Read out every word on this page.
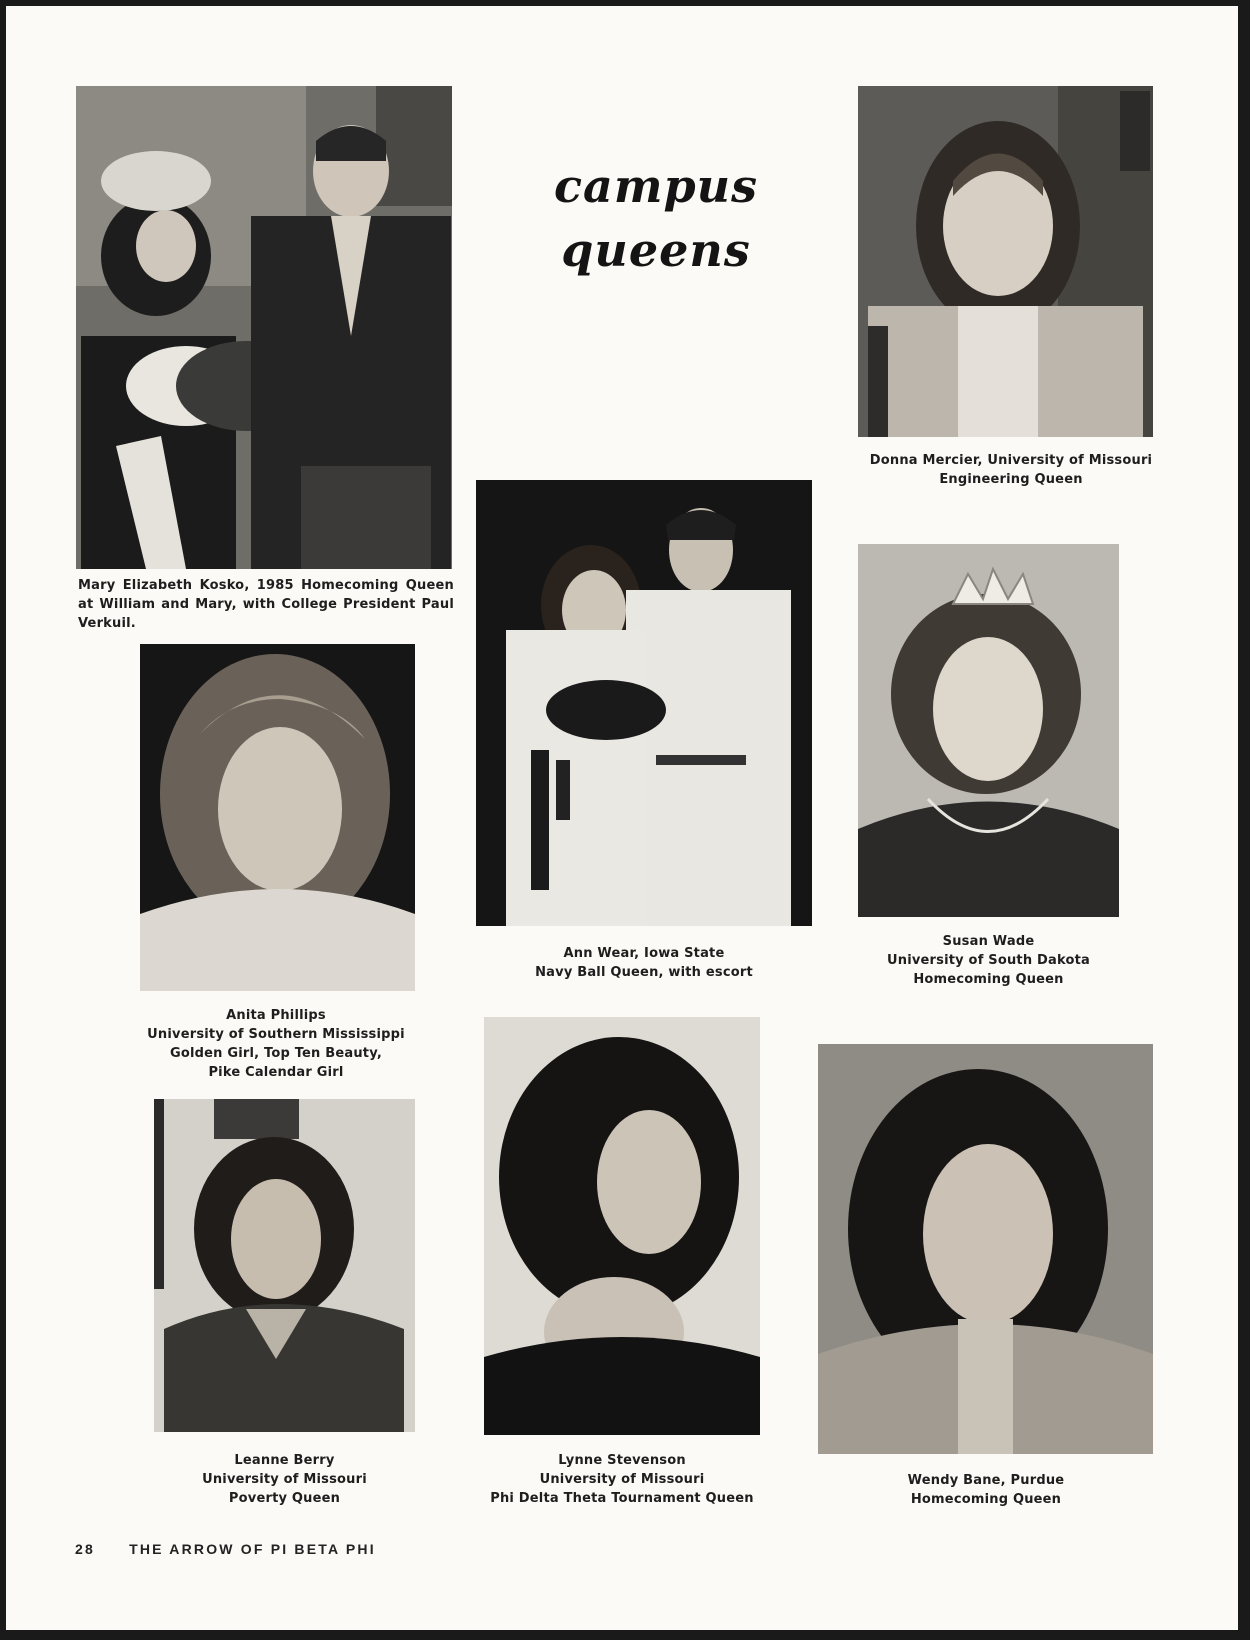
campus
queens
Mary Elizabeth Kosko, 1985 Homecoming Queen at William and Mary, with College President Paul Verkuil.
Donna Mercier, University of Missouri
Engineering Queen
Ann Wear, Iowa State
Navy Ball Queen, with escort
Susan Wade
University of South Dakota
Homecoming Queen
Anita Phillips
University of Southern Mississippi
Golden Girl, Top Ten Beauty,
Pike Calendar Girl
Leanne Berry
University of Missouri
Poverty Queen
Lynne Stevenson
University of Missouri
Phi Delta Theta Tournament Queen
Wendy Bane, Purdue
Homecoming Queen
28 THE ARROW OF PI BETA PHI
